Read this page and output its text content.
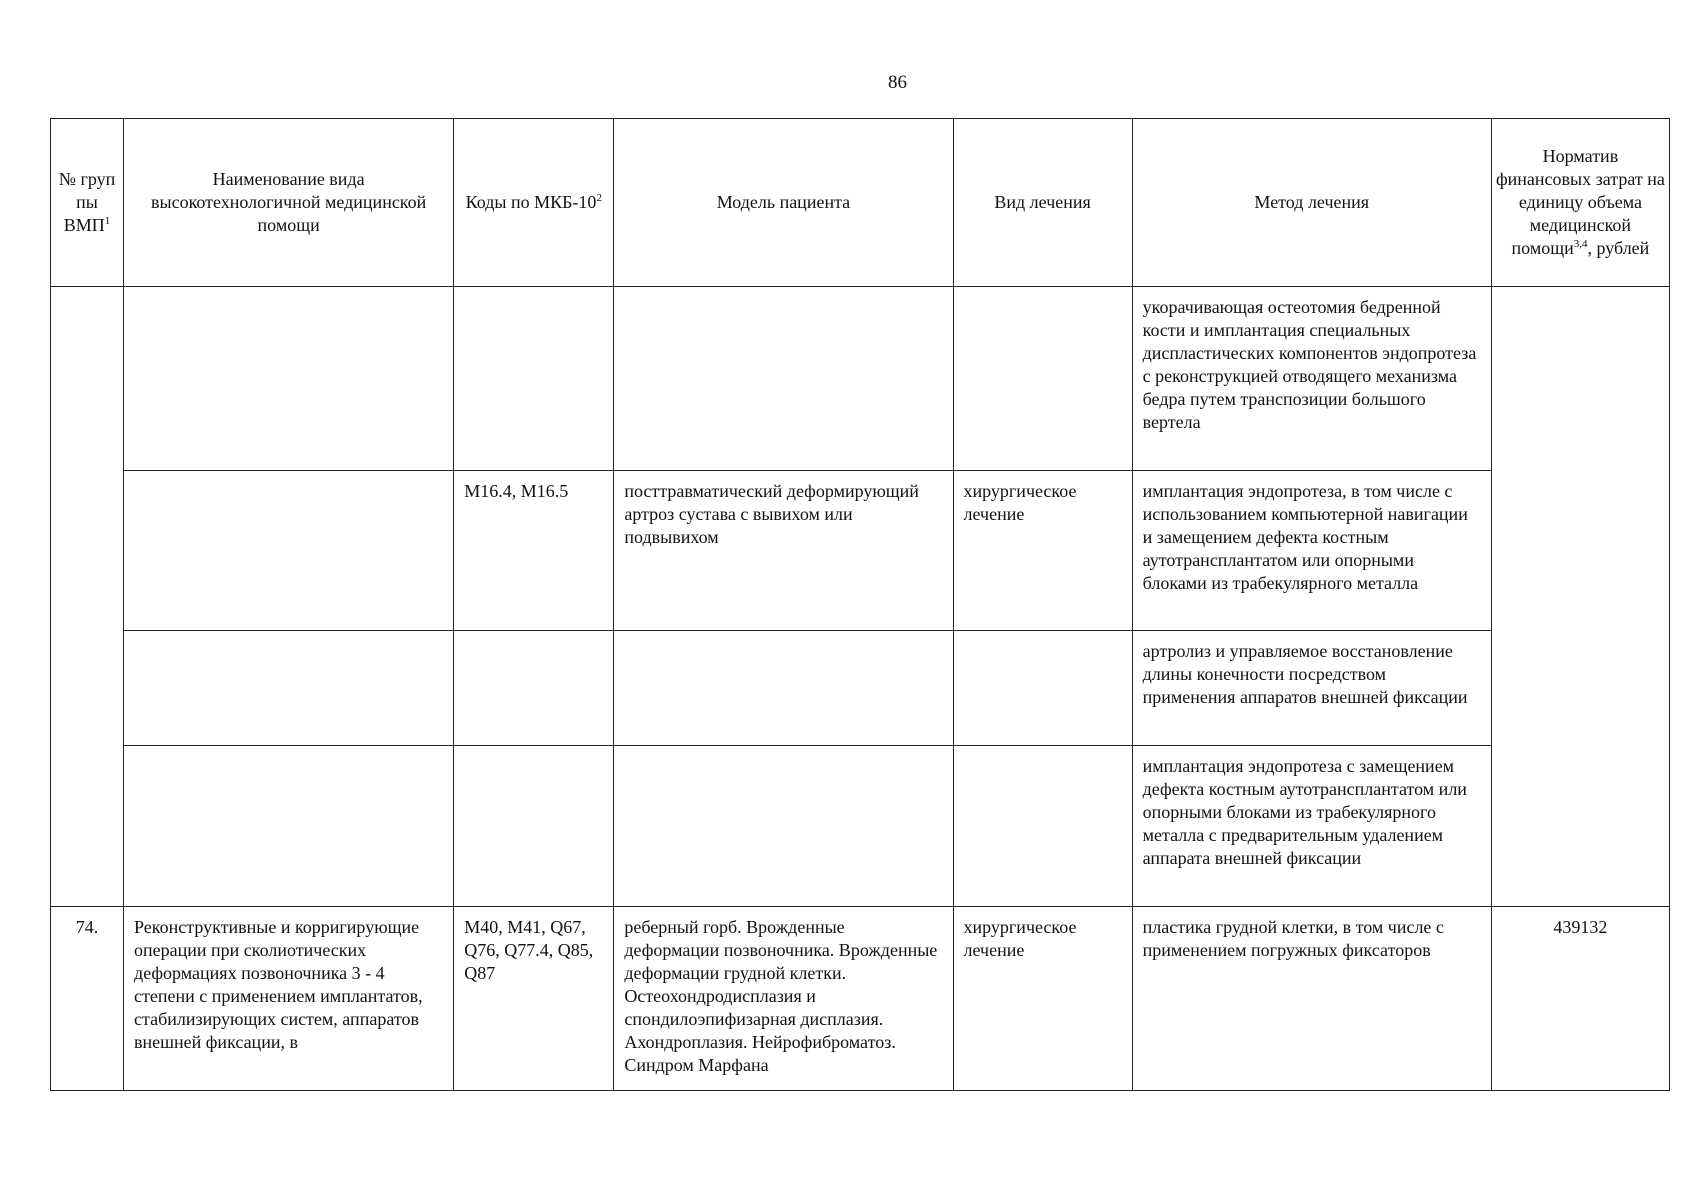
86
№ груп пы ВМП$^1$	Наименование вида высокотехнологичной медицинской помощи	Коды по МКБ-$10^2$	Модель пациента	Вид лечения	Метод лечения	Норматив финансовых затрат на единицу объема медицинской помощи$^{3,4}$, рублей
					укорачивающая остеотомия бедренной кости и имплантация специальных диспластических компонентов эндопротеза с реконструкцией отводящего механизма бедра путем транспозиции большого вертела	
		M16.4, M16.5	посттравматический деформирующий артроз сустава с вывихом или подвывихом	хирургическое лечение	имплантация эндопротеза, в том числе с использованием компьютерной навигации и замещением дефекта костным аутотрансплантатом или опорными блоками из трабекулярного металла	
					артролиз и управляемое восстановление длины конечности посредством применения аппаратов внешней фиксации	
					имплантация эндопротеза с замещением дефекта костным аутотрансплантатом или опорными блоками из трабекулярного металла с предварительным удалением аппарата внешней фиксации	
74.	Реконструктивные и корригирующие операции при сколиотических деформациях позвоночника 3 - 4 степени с применением имплантатов, стабилизирующих систем, аппаратов внешней фиксации, в	M40, M41, Q67, Q76, Q77.4, Q85, Q87	реберный горб. Врожденные деформации позвоночника. Врожденные деформации грудной клетки. Остеохондродисплазия и спондилоэпифизарная дисплазия. Ахондроплазия. Нейрофиброматоз. Синдром Марфана	хирургическое лечение	пластика грудной клетки, в том числе с применением погружных фиксаторов	439132
